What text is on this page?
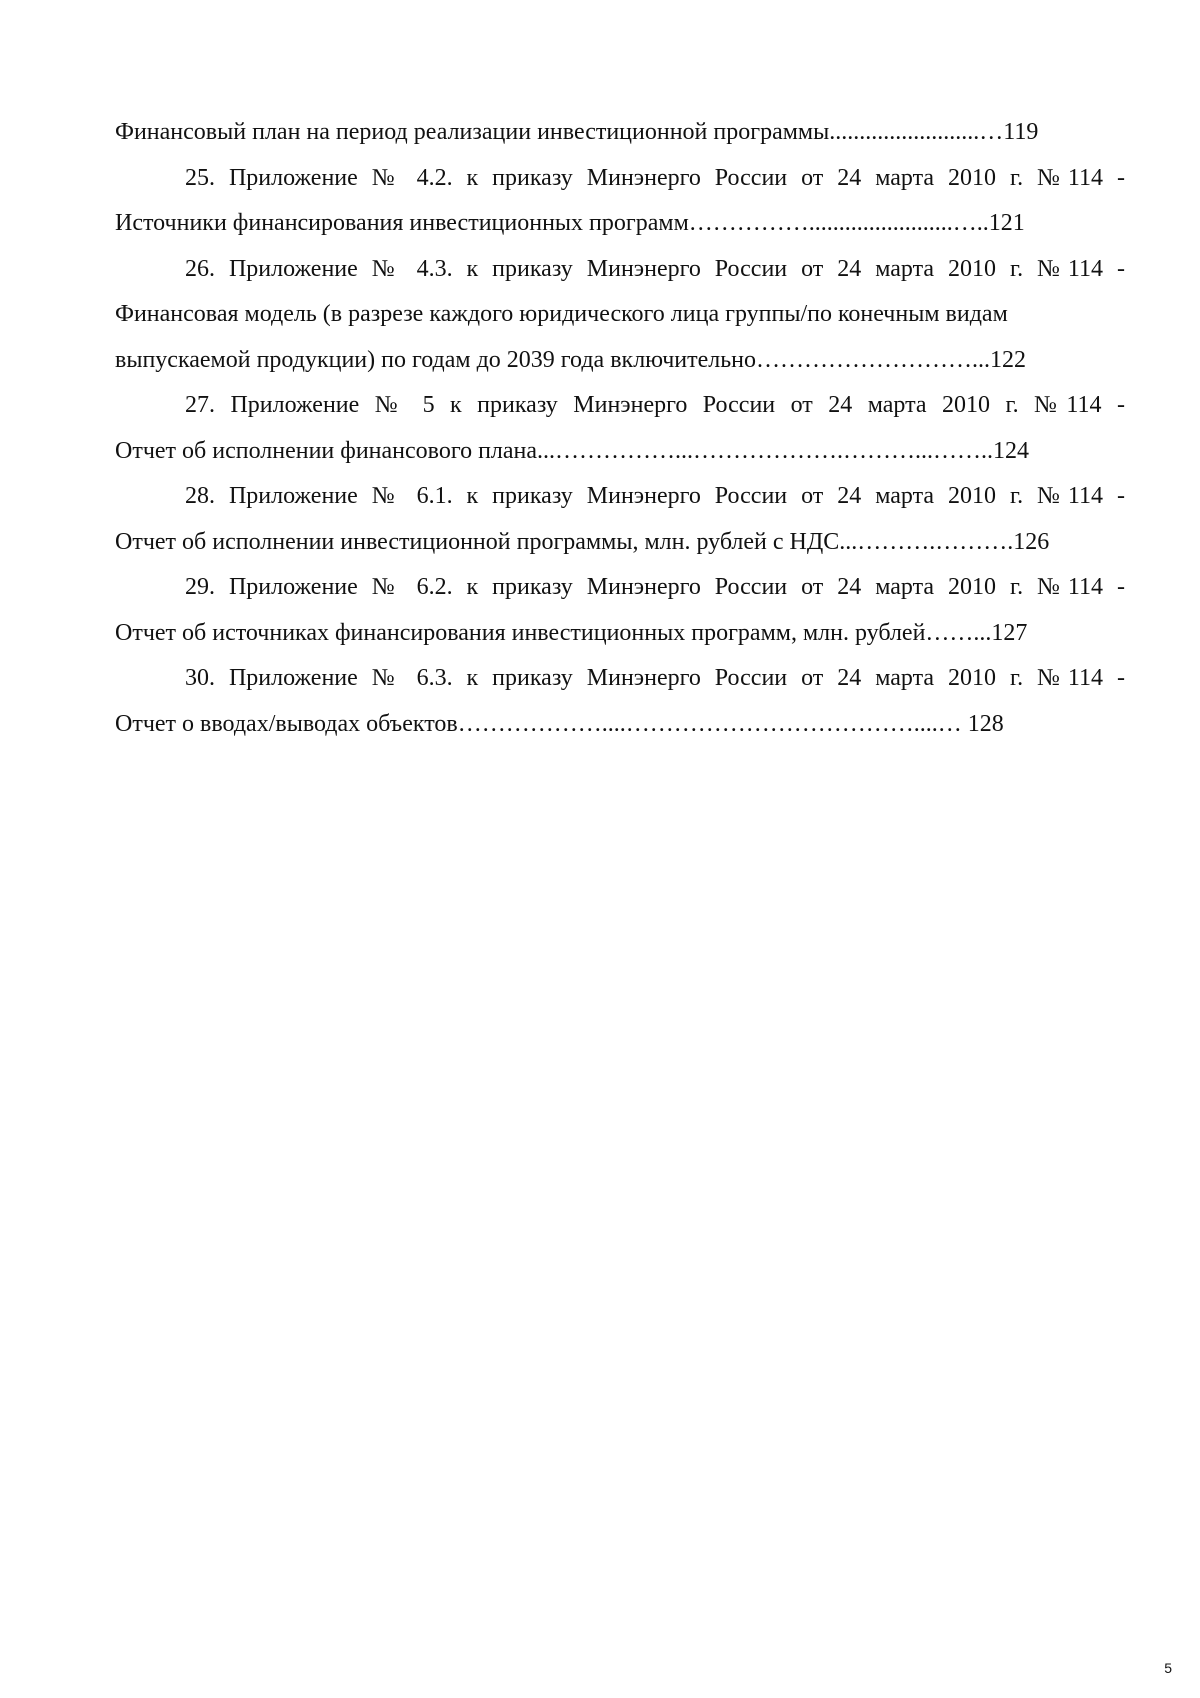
Финансовый план на период реализации инвестиционной программы.........................…119
25. Приложение № 4.2. к приказу Минэнерго России от 24 марта 2010 г. №114 -
Источники финансирования инвестиционных программ……………........................…..121
26. Приложение № 4.3. к приказу Минэнерго России от 24 марта 2010 г. №114 -
Финансовая модель (в разрезе каждого юридического лица группы/по конечным видам
выпускаемой продукции) по годам до 2039 года включительно………………………...122
27. Приложение № 5 к приказу Минэнерго России от 24 марта 2010 г. №114 -
Отчет об исполнении финансового плана...……………...……………….………...……..124
28. Приложение № 6.1. к приказу Минэнерго России от 24 марта 2010 г. №114 -
Отчет об исполнении инвестиционной программы, млн. рублей с НДС...……….……….126
29. Приложение № 6.2. к приказу Минэнерго России от 24 марта 2010 г. №114 -
Отчет об источниках финансирования инвестиционных программ, млн. рублей……...127
30. Приложение № 6.3. к приказу Минэнерго России от 24 марта 2010 г. №114 -
Отчет о вводах/выводах объектов………………....………………………………....… 128
5
